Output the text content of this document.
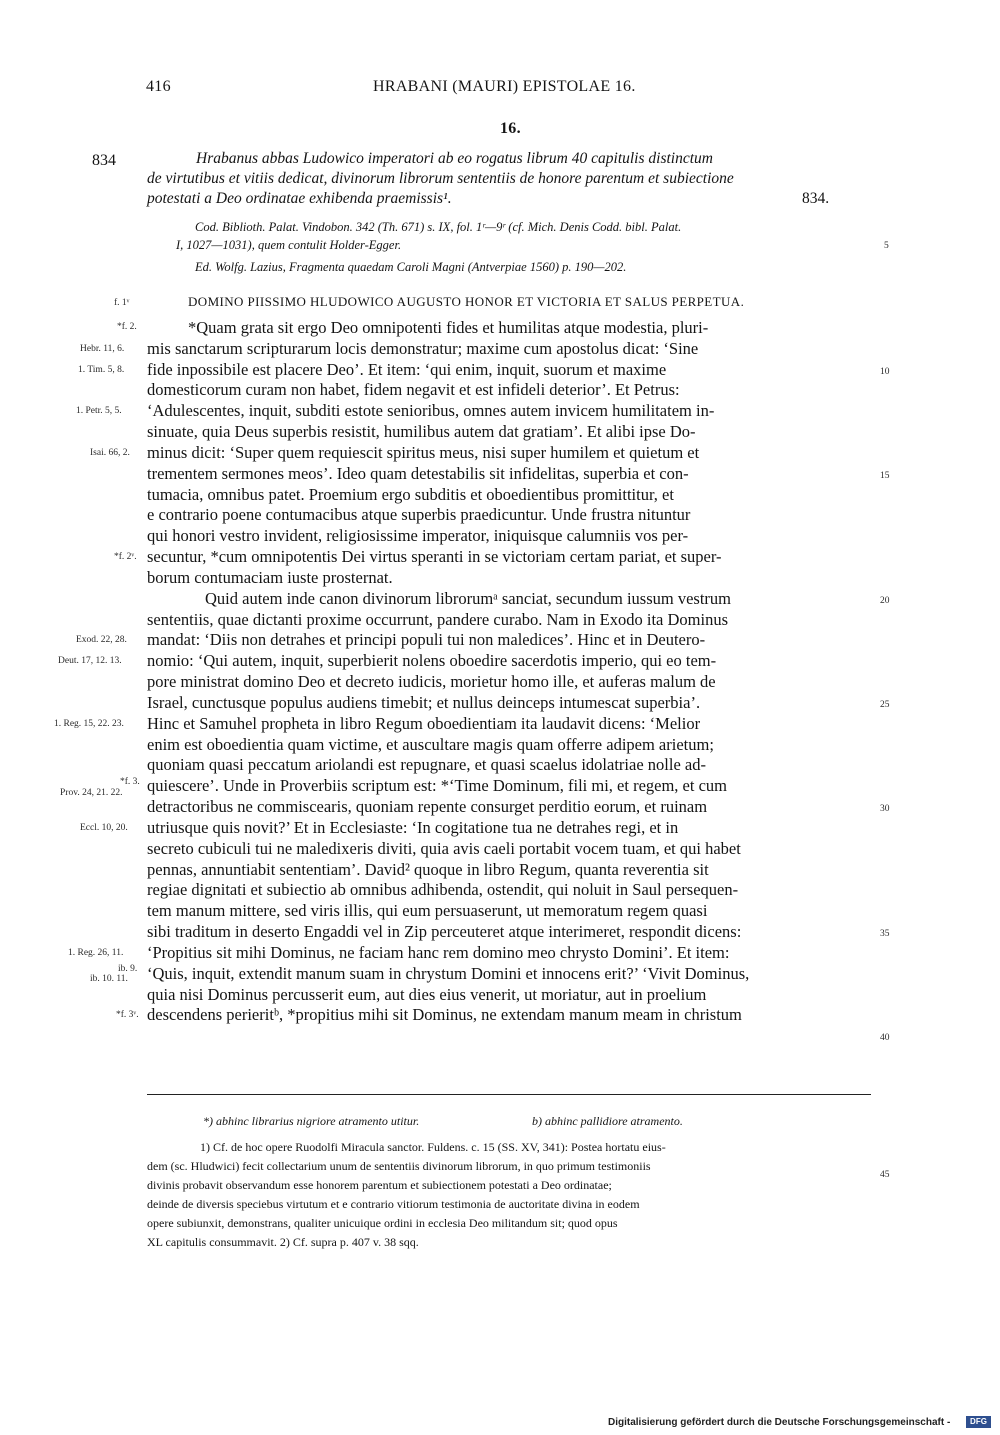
416	HRABANI (MAURI) EPISTOLAE 16.
16.
834	Hrabanus abbas Ludowico imperatori ab eo rogatus librum 40 capitulis distinctum
de virtutibus et vitiis dedicat, divinorum librorum sententiis de honore parentum et subiectione
potestati a Deo ordinatae exhibenda praemissis¹.	834.
Cod. Biblioth. Palat. Vindobon. 342 (Th. 671) s. IX, fol. 1ʳ—9ʳ (cf. Mich. Denis Codd. bibl. Palat.
I, 1027—1031), quem contulit Holder-Egger.	5
Ed. Wolfg. Lazius, Fragmenta quaedam Caroli Magni (Antverpiae 1560) p. 190—202.
f. 1ᵛ	DOMINO PIISSIMO HLUDOWICO AUGUSTO HONOR ET VICTORIA ET SALUS PERPETUA.
*Quam grata sit ergo Deo omnipotenti fides et humilitas atque modestia, pluri-
mis sanctarum scripturarum locis demonstratur; maxime cum apostolus dicat: ‘Sine
fide inpossibile est placere Deo’. Et item: ‘qui enim, inquit, suorum et maxime
domesticorum curam non habet, fidem negavit et est infideli deterior’. Et Petrus:
‘Adulescentes, inquit, subditi estote senioribus, omnes autem invicem humilitatem in-
sinuate, quia Deus superbis resistit, humilibus autem dat gratiam’. Et alibi ipse Do-
minus dicit: ‘Super quem requiescit spiritus meus, nisi super humilem et quietum et
trementem sermones meos’. Ideo quam detestabilis sit infidelitas, superbia et con-
tumacia, omnibus patet. Proemium ergo subditis et oboedientibus promittitur, et
e contrario poene contumacibus atque superbis praedicuntur. Unde frustra nituntur
qui honori vestro invident, religiosissime imperator, iniquisque calumniis vos per-
secuntur, *cum omnipotentis Dei virtus speranti in se victoriam certam pariat, et super-
borum contumaciam iuste prosternat.
Quid autem inde canon divinorum librorumᵃ sanciat, secundum iussum vestrum
sententiis, quae dictanti proxime occurrunt, pandere curabo. Nam in Exodo ita Dominus
mandat: ‘Diis non detrahes et principi populi tui non maledices’. Hinc et in Deutero-
nomio: ‘Qui autem, inquit, superbierit nolens oboedire sacerdotis imperio, qui eo tem-
pore ministrat domino Deo et decreto iudicis, morietur homo ille, et auferas malum de
Israel, cunctusque populus audiens timebit; et nullus deinceps intumescat superbia’.
Hinc et Samuhel propheta in libro Regum oboedientiam ita laudavit dicens: ‘Melior
enim est oboedientia quam victime, et auscultare magis quam offerre adipem arietum;
quoniam quasi peccatum ariolandi est repugnare, et quasi scaelus idolatriae nolle ad-
quiescere’. Unde in Proverbiis scriptum est: *‘Time Dominum, fili mi, et regem, et cum
detractoribus ne commiscearis, quoniam repente consurget perditio eorum, et ruinam
utriusque quis novit?’ Et in Ecclesiaste: ‘In cogitatione tua ne detrahes regi, et in
secreto cubiculi tui ne maledixeris diviti, quia avis caeli portabit vocem tuam, et qui habet
pennas, annuntiabit sententiam’. David² quoque in libro Regum, quanta reverentia sit
regiae dignitati et subiectio ab omnibus adhibenda, ostendit, qui noluit in Saul persequen-
tem manum mittere, sed viris illis, qui eum persuaserunt, ut memoratum regem quasi
sibi traditum in deserto Engaddi vel in Zip perceuteret atque interimeret, respondit dicens:
‘Propitius sit mihi Dominus, ne faciam hanc rem domino meo chrysto Domini’. Et item:
‘Quis, inquit, extendit manum suam in chrystum Domini et innocens erit?’ ‘Vivit Dominus,
quia nisi Dominus percusserit eum, aut dies eius venerit, ut moriatur, aut in proelium
descendens perieritᵇ, *propitius mihi sit Dominus, ne extendam manum meam in christum
*f. 2.
Hebr. 11, 6.
1. Tim. 5, 8.
1. Petr. 5, 5.
Isai. 66, 2.
*f. 2ᵛ.
Exod. 22, 28.
Deut. 17, 12. 13.
1. Reg. 15, 22. 23.
*f. 3.
Prov. 24, 21. 22.
Eccl. 10, 20.
1. Reg. 26, 11.
ib. 9.
ib. 10. 11.
*f. 3ᵛ.
10
15
20
25
30
35
40
45
*) abhinc librarius nigriore atramento utitur.	b) abhinc pallidiore atramento.
1) Cf. de hoc opere Ruodolfi Miracula sanctor. Fuldens. c. 15 (SS. XV, 341): Postea hortatu eius-
dem (sc. Hludwici) fecit collectarium unum de sententiis divinorum librorum, in quo primum testimoniis
divinis probavit observandum esse honorem parentum et subiectionem potestati a Deo ordinatae;
deinde de diversis speciebus virtutum et e contrario vitiorum testimonia de auctoritate divina in eodem
opere subiunxit, demonstrans, qualiter unicuique ordini in ecclesia Deo militandum sit; quod opus
XL capitulis consummavit. 2) Cf. supra p. 407 v. 38 sqq.
Digitalisierung gefördert durch die Deutsche Forschungsgemeinschaft -	DFG
